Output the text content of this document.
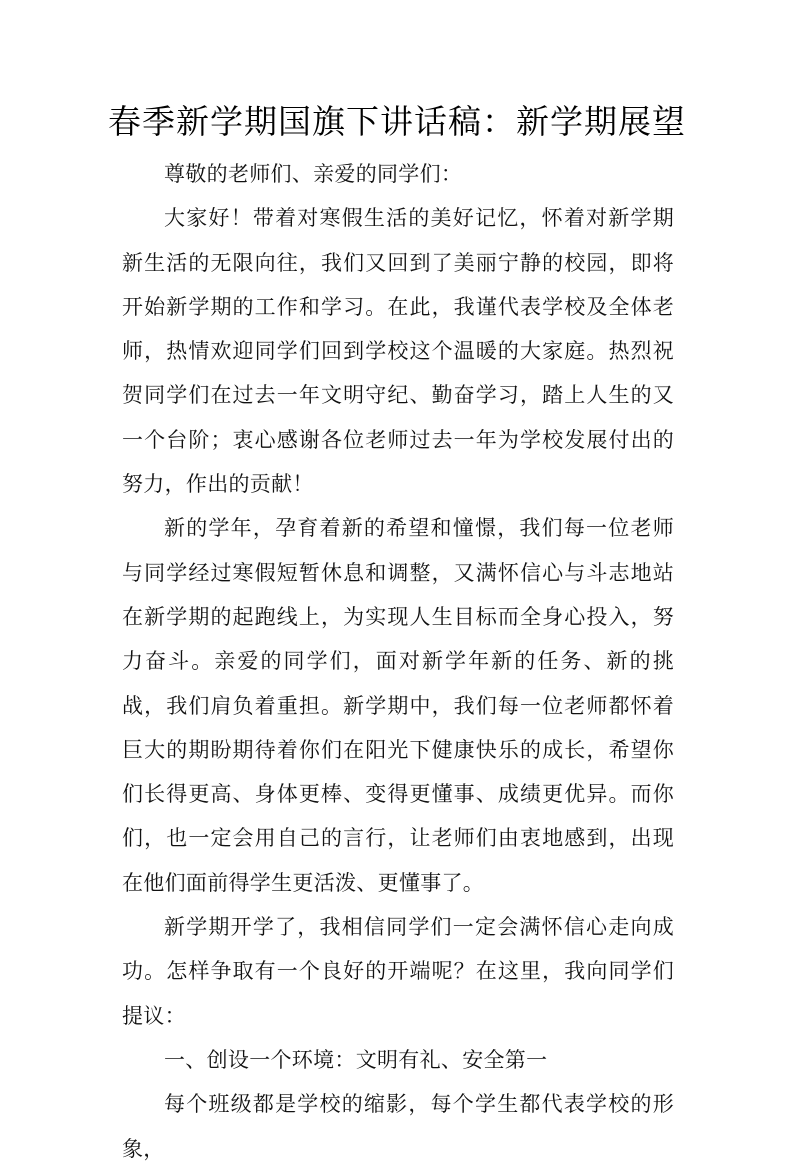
春季新学期国旗下讲话稿：新学期展望

尊敬的老师们、亲爱的同学们：

大家好！带着对寒假生活的美好记忆，怀着对新学期新生活的无限向往，我们又回到了美丽宁静的校园，即将开始新学期的工作和学习。在此，我谨代表学校及全体老师，热情欢迎同学们回到学校这个温暖的大家庭。热烈祝贺同学们在过去一年文明守纪、勤奋学习，踏上人生的又一个台阶；衷心感谢各位老师过去一年为学校发展付出的努力，作出的贡献！

新的学年，孕育着新的希望和憧憬，我们每一位老师与同学经过寒假短暂休息和调整，又满怀信心与斗志地站在新学期的起跑线上，为实现人生目标而全身心投入，努力奋斗。亲爱的同学们，面对新学年新的任务、新的挑战，我们肩负着重担。新学期中，我们每一位老师都怀着巨大的期盼期待着你们在阳光下健康快乐的成长，希望你们长得更高、身体更棒、变得更懂事、成绩更优异。而你们，也一定会用自己的言行，让老师们由衷地感到，出现在他们面前得学生更活泼、更懂事了。

新学期开学了，我相信同学们一定会满怀信心走向成功。怎样争取有一个良好的开端呢？在这里，我向同学们提议：

一、创设一个环境：文明有礼、安全第一

每个班级都是学校的缩影，每个学生都代表学校的形象，
